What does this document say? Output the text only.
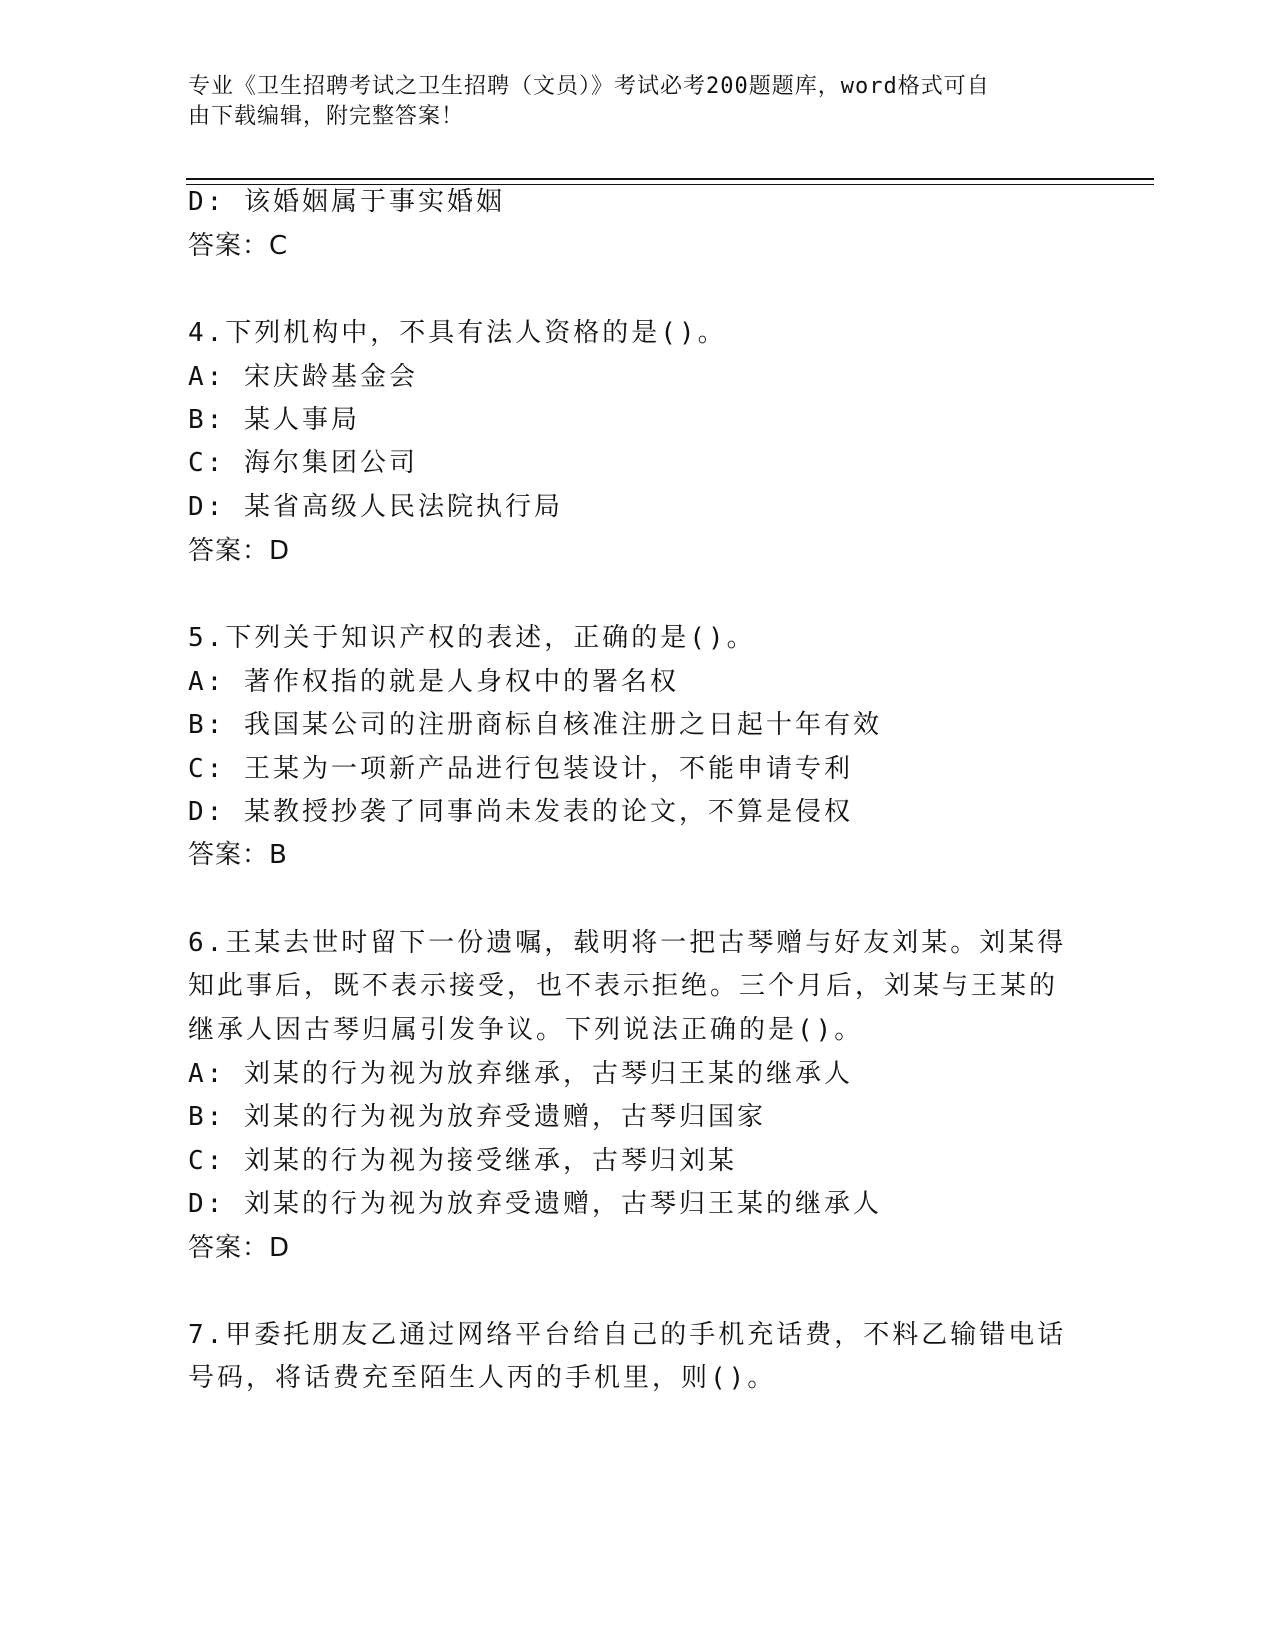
专业《卫生招聘考试之卫生招聘（文员）》考试必考200题题库，word格式可自
由下载编辑，附完整答案！
D: 该婚姻属于事实婚姻
答案：C
4.下列机构中，不具有法人资格的是()。
A: 宋庆龄基金会
B: 某人事局
C: 海尔集团公司
D: 某省高级人民法院执行局
答案：D
5.下列关于知识产权的表述，正确的是()。
A: 著作权指的就是人身权中的署名权
B: 我国某公司的注册商标自核准注册之日起十年有效
C: 王某为一项新产品进行包装设计，不能申请专利
D: 某教授抄袭了同事尚未发表的论文，不算是侵权
答案：B
6.王某去世时留下一份遗嘱，载明将一把古琴赠与好友刘某。刘某得
知此事后，既不表示接受，也不表示拒绝。三个月后，刘某与王某的
继承人因古琴归属引发争议。下列说法正确的是()。
A: 刘某的行为视为放弃继承，古琴归王某的继承人
B: 刘某的行为视为放弃受遗赠，古琴归国家
C: 刘某的行为视为接受继承，古琴归刘某
D: 刘某的行为视为放弃受遗赠，古琴归王某的继承人
答案：D
7.甲委托朋友乙通过网络平台给自己的手机充话费，不料乙输错电话
号码，将话费充至陌生人丙的手机里，则()。
